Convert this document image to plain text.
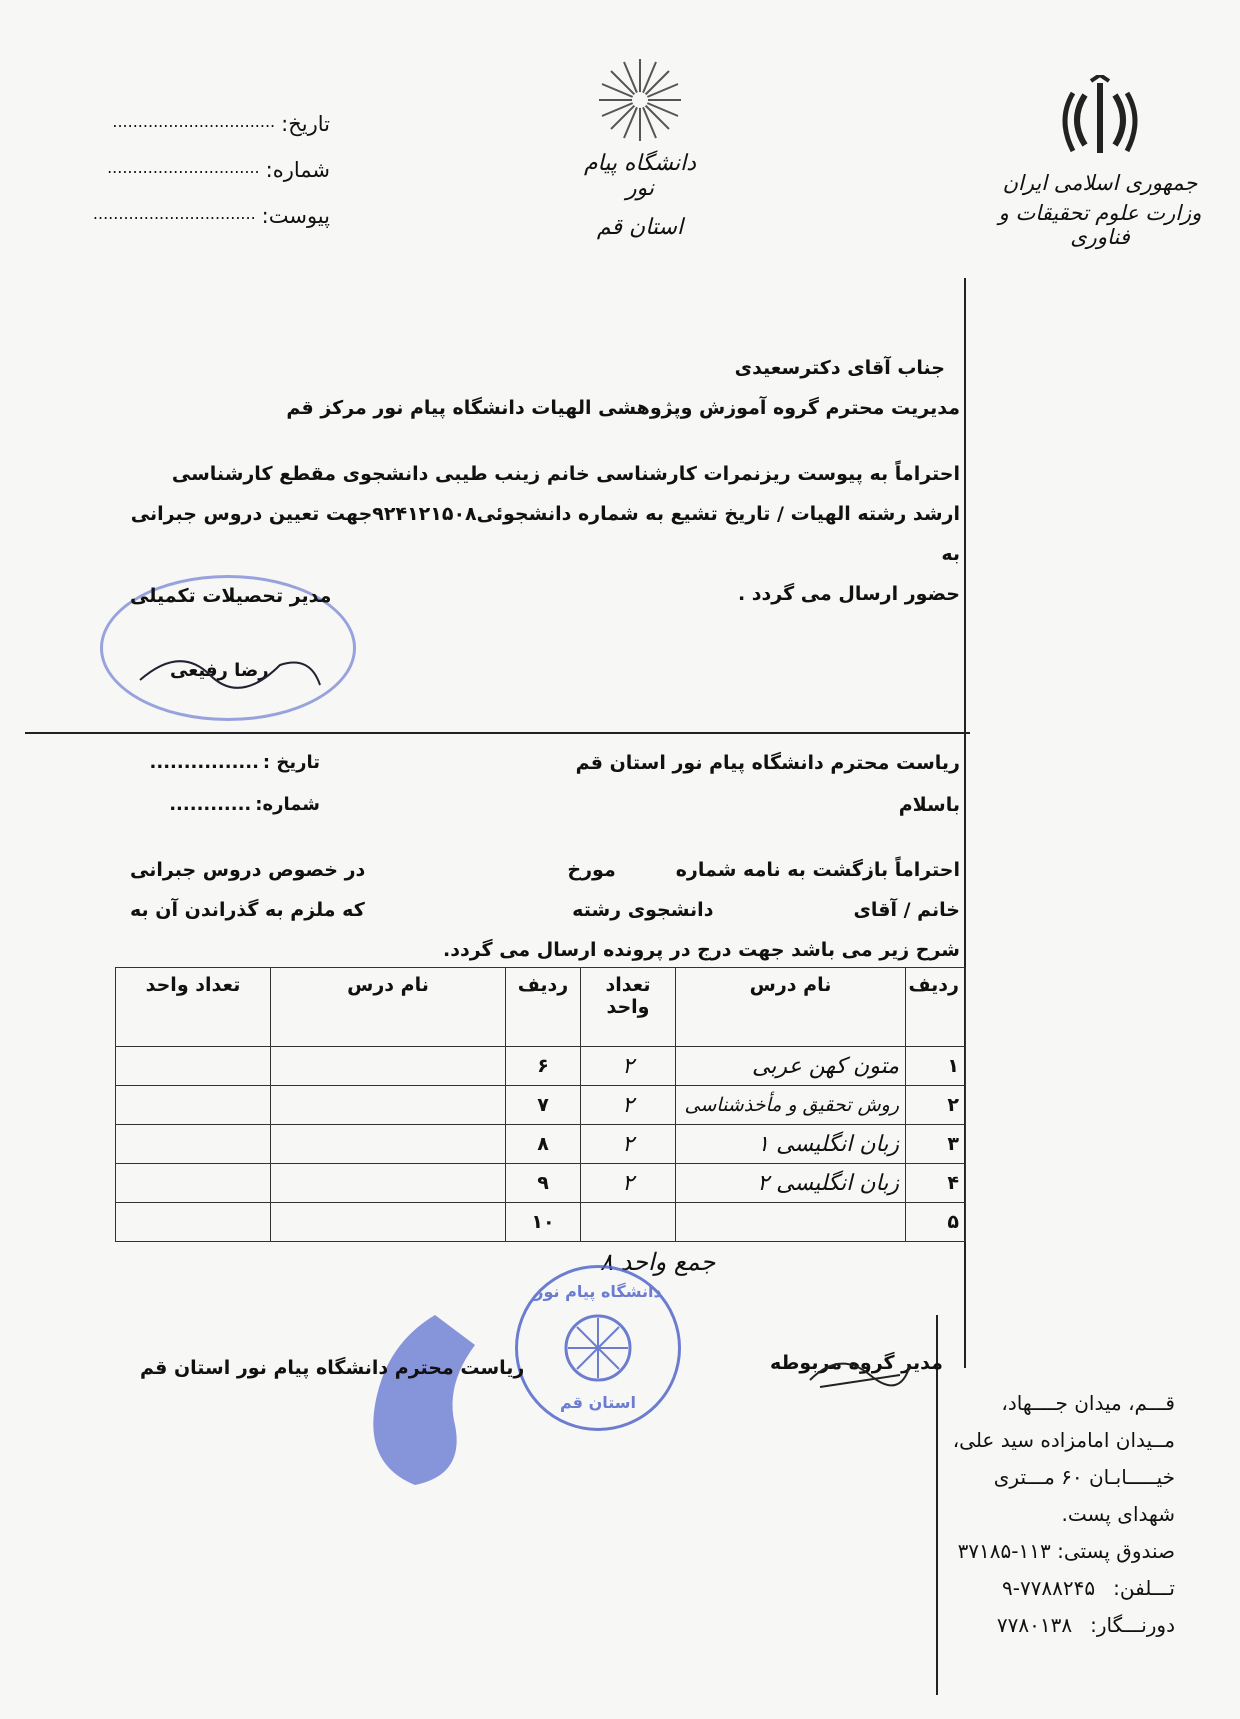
تاریخ:
................................
شماره:
..............................
پیوست:
................................
دانشگاه پیام نور
استان قم
جمهوری اسلامی ایران
وزارت علوم تحقیقات و فناوری
جناب آقای دکترسعیدی
مدیریت محترم گروه آموزش وپژوهشی الهیات دانشگاه پیام نور مرکز قم
احتراماً به پیوست ریزنمرات کارشناسی خانم زینب طیبی دانشجوی مقطع کارشناسی
ارشد رشته الهیات / تاریخ تشیع به شماره دانشجوئی۹۲۴۱۲۱۵۰۸جهت تعیین دروس جبرانی به
حضور ارسال می گردد .
مدیر تحصیلات تکمیلی
رضا رفیعی
تاریخ :
................
شماره:
............
ریاست محترم دانشگاه پیام نور استان قم
باسلام
احتراماً بازگشت به نامه شماره
مورخ
در خصوص دروس جبرانی
خانم / آقای
دانشجوی رشته
که ملزم به گذراندن آن به
شرح زیر می باشد جهت درج در پرونده ارسال می گردد.
ردیف	نام درس	تعداد واحد	ردیف	نام درس	تعداد واحد
۱	متون کهن عربی	۲	۶		
۲	روش تحقیق و مأخذشناسی	۲	۷		
۳	زبان انگلیسی ۱	۲	۸		
۴	زبان انگلیسی ۲	۲	۹		
۵			۱۰		
جمع واحد ۸
دانشگاه پیام نور
استان قم
مدیر گروه مربوطه
ریاست محترم دانشگاه پیام نور استان قم
قـــم، میدان جــــهاد،
مــیدان امامزاده سید علی،
خیـــــابـان ۶۰ مـــتری
شهدای پست.
صندوق پستی: ۱۱۳-۳۷۱۸۵
تـــلفن:
۹-۷۷۸۸۲۴۵
دورنـــگار:
۷۷۸۰۱۳۸
